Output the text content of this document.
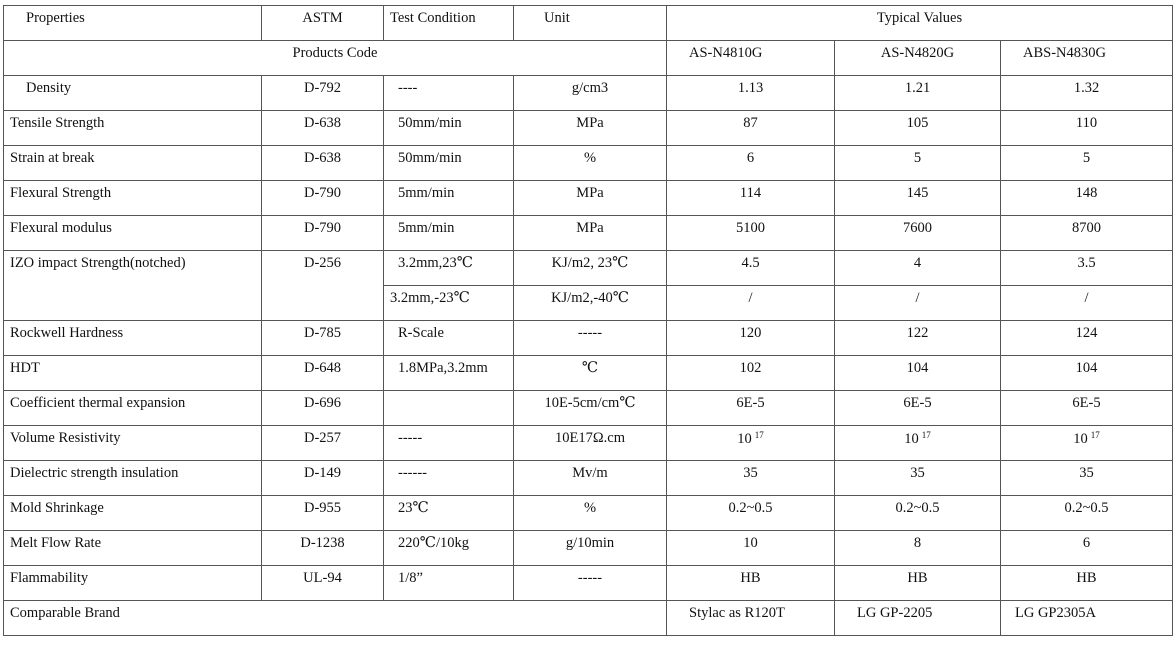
Properties	ASTM	Test Condition	Unit	Typical Values		
Products Code				AS-N4810G	AS-N4820G	ABS-N4830G
Density	D-792	----	g/cm3	1.13	1.21	1.32
Tensile Strength	D-638	50mm/min	MPa	87	105	110
Strain at break	D-638	50mm/min	%	6	5	5
Flexural Strength	D-790	5mm/min	MPa	114	145	148
Flexural modulus	D-790	5mm/min	MPa	5100	7600	8700
IZO impact Strength(notched)	D-256	3.2mm,23℃	KJ/m2, 23℃	4.5	4	3.5
		3.2mm,-23℃	KJ/m2,-40℃	/	/	/
Rockwell Hardness	D-785	R-Scale	-----	120	122	124
HDT	D-648	1.8MPa,3.2mm	℃	102	104	104
Coefficient thermal expansion	D-696		10E-5cm/cm℃	6E-5	6E-5	6E-5
Volume Resistivity	D-257	-----	10E17Ω.cm	10 $^{17}$	10 $^{17}$	10 $^{17}$
Dielectric strength insulation	D-149	------	Mv/m	35	35	35
Mold Shrinkage	D-955	23℃	%	0.2~0.5	0.2~0.5	0.2~0.5
Melt Flow Rate	D-1238	220℃/10kg	g/10min	10	8	6
Flammability	UL-94	1/8”	-----	HB	HB	HB
Comparable Brand				Stylac as R120T	LG GP-2205	LG GP2305A
